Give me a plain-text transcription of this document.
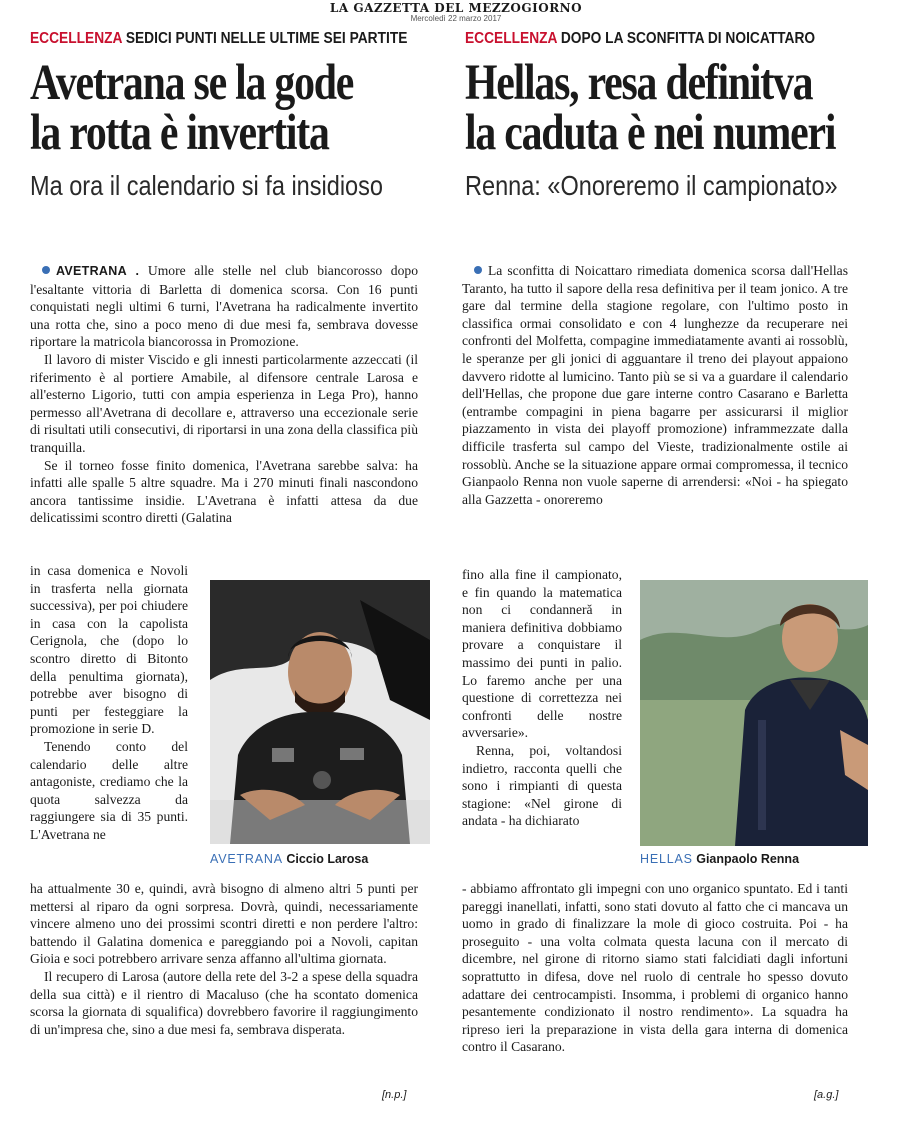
LA GAZZETTA DEL MEZZOGIORNO
Mercoledì 22 marzo 2017
ECCELLENZA SEDICI PUNTI NELLE ULTIME SEI PARTITE
Avetrana se la gode
la rotta è invertita
Ma ora il calendario si fa insidioso

AVETRANA . Umore alle stelle nel club biancorosso dopo l'esaltante vittoria di Barletta di domenica scorsa. Con 16 punti conquistati negli ultimi 6 turni, l'Avetrana ha radicalmente invertito una rotta che, sino a poco meno di due mesi fa, sembrava dovesse riportare la matricola biancorossa in Promozione.

Il lavoro di mister Viscido e gli innesti particolarmente azzeccati (il riferimento è al portiere Amabile, al difensore centrale Larosa e all'esterno Ligorio, tutti con ampia esperienza in Lega Pro), hanno permesso all'Avetrana di decollare e, attraverso una eccezionale serie di risultati utili consecutivi, di riportarsi in una zona della classifica più tranquilla.

Se il torneo fosse finito domenica, l'Avetrana sarebbe salva: ha infatti alle spalle 5 altre squadre. Ma i 270 minuti finali nascondono ancora tantissime insidie. L'Avetrana è infatti attesa da due delicatissimi scontro diretti (Galatina

in casa domenica e Novoli in trasferta nella giornata successiva), per poi chiudere in casa con la capolista Cerignola, che (dopo lo scontro diretto di Bitonto della penultima giornata), potrebbe aver bisogno di punti per festeggiare la promozione in serie D.

Tenendo conto del calendario delle altre antagoniste, crediamo che la quota salvezza da raggiungere sia di 35 punti. L'Avetrana ne

AVETRANA Ciccio Larosa

ha attualmente 30 e, quindi, avrà bisogno di almeno altri 5 punti per mettersi al riparo da ogni sorpresa. Dovrà, quindi, necessariamente vincere almeno uno dei prossimi scontri diretti e non perdere l'altro: battendo il Galatina domenica e pareggiando poi a Novoli, capitan Gioia e soci potrebbero arrivare senza affanno all'ultima giornata.

Il recupero di Larosa (autore della rete del 3-2 a spese della squadra della sua città) e il rientro di Macaluso (che ha scontato domenica scorsa la giornata di squalifica) dovrebbero favorire il raggiungimento di un'impresa che, sino a due mesi fa, sembrava disperata.

[n.p.]
ECCELLENZA DOPO LA SCONFITTA DI NOICATTARO
Hellas, resa definitva
la caduta è nei numeri
Renna: «Onoreremo il campionato»

La sconfitta di Noicattaro rimediata domenica scorsa dall'Hellas Taranto, ha tutto il sapore della resa definitiva per il team jonico. A tre gare dal termine della stagione regolare, con l'ultimo posto in classifica ormai consolidato e con 4 lunghezze da recuperare nei confronti del Molfetta, compagine immediatamente avanti ai rossoblù, le speranze per gli jonici di agguantare il treno dei playout appaiono davvero ridotte al lumicino. Tanto più se si va a guardare il calendario dell'Hellas, che propone due gare interne contro Casarano e Barletta (entrambe compagini in piena bagarre per assicurarsi il miglior piazzamento in vista dei playoff promozione) inframmezzate dalla difficile trasferta sul campo del Vieste, tradizionalmente ostile ai rossoblù. Anche se la situazione appare ormai compromessa, il tecnico Gianpaolo Renna non vuole saperne di arrendersi: «Noi - ha spiegato alla Gazzetta - onoreremo

fino alla fine il campionato, e fin quando la matematica non ci condanneră in maniera definitiva dobbiamo provare a conquistare il massimo dei punti in palio. Lo faremo anche per una questione di correttezza nei confronti delle nostre avversarie».

Renna, poi, voltandosi indietro, racconta quelli che sono i rimpianti di questa stagione: «Nel girone di andata - ha dichiarato

HELLAS Gianpaolo Renna

- abbiamo affrontato gli impegni con uno organico spuntato. Ed i tanti pareggi inanellati, infatti, sono stati dovuto al fatto che ci mancava un uomo in grado di finalizzare la mole di gioco costruita. Poi - ha proseguito - una volta colmata questa lacuna con il mercato di dicembre, nel girone di ritorno siamo stati falcidiati dagli infortuni soprattutto in difesa, dove nel ruolo di centrale ho spesso dovuto adattare dei centrocampisti. Insomma, i problemi di organico hanno pesantemente condizionato il nostro rendimento». La squadra ha ripreso ieri la preparazione in vista della gara interna di domenica contro il Casarano.

[a.g.]
